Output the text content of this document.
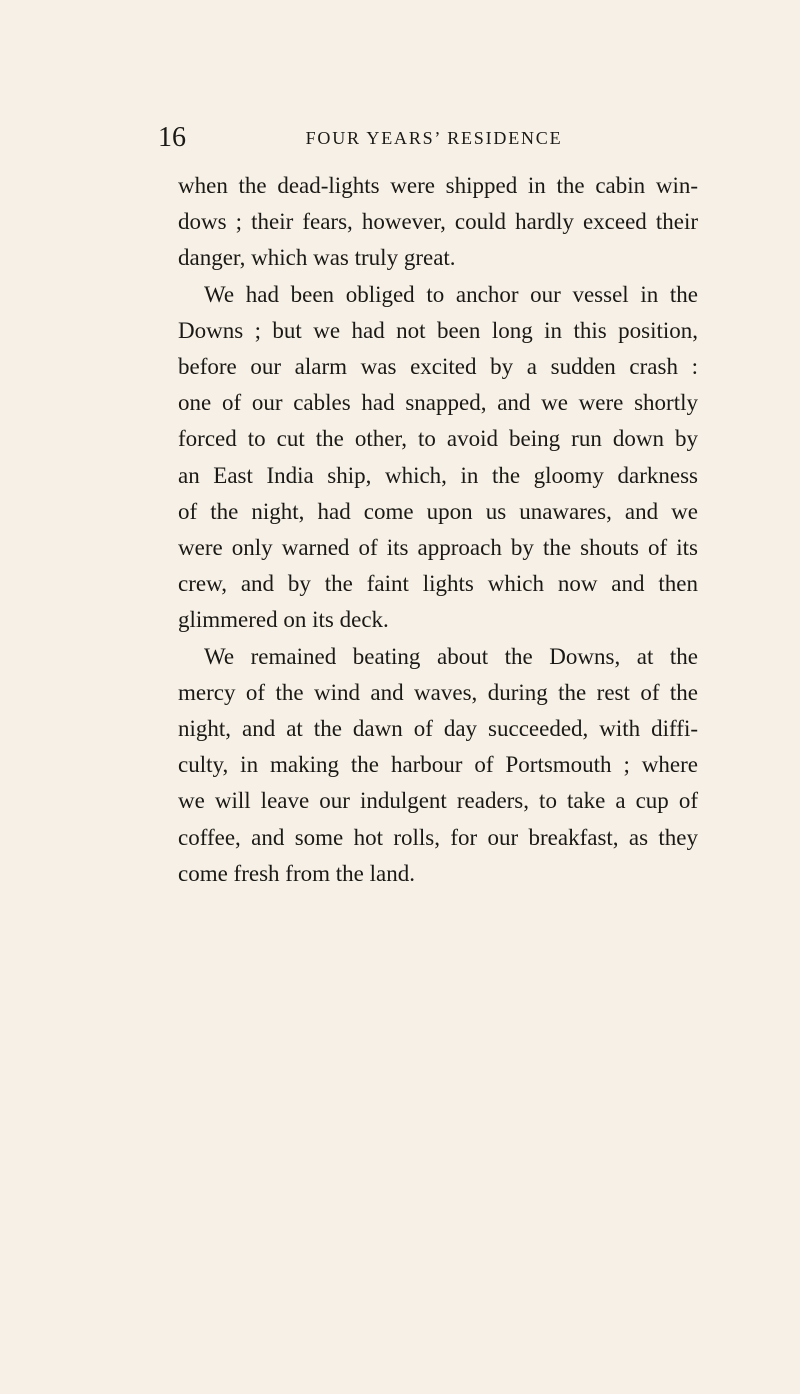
16	FOUR YEARS’ RESIDENCE

when the dead-lights were shipped in the cabin win-
dows ; their fears, however, could hardly exceed their
danger, which was truly great.

We had been obliged to anchor our vessel in the
Downs ; but we had not been long in this position,
before our alarm was excited by a sudden crash :
one of our cables had snapped, and we were shortly
forced to cut the other, to avoid being run down by
an East India ship, which, in the gloomy darkness
of the night, had come upon us unawares, and we
were only warned of its approach by the shouts of its
crew, and by the faint lights which now and then
glimmered on its deck.

We remained beating about the Downs, at the
mercy of the wind and waves, during the rest of the
night, and at the dawn of day succeeded, with diffi-
culty, in making the harbour of Portsmouth ; where
we will leave our indulgent readers, to take a cup of
coffee, and some hot rolls, for our breakfast, as they
come fresh from the land.
